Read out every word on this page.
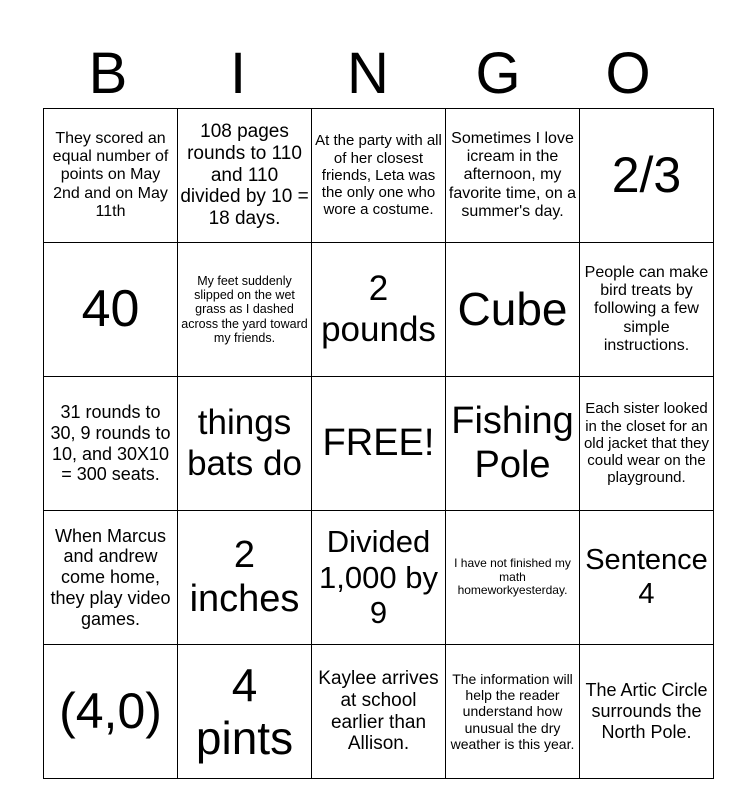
B	I	N	G	O
They scored an equal number of points on May 2nd and on May 11th	108 pages rounds to 110 and 110 divided by 10 = 18 days.	At the party with all of her closest friends, Leta was the only one who wore a costume.	Sometimes I love icream in the afternoon, my favorite time, on a summer's day.	2/3
40	My feet suddenly slipped on the wet grass as I dashed across the yard toward my friends.	2 pounds	Cube	People can make bird treats by following a few simple instructions.
31 rounds to 30, 9 rounds to 10, and 30X10 = 300 seats.	things bats do	FREE!	Fishing Pole	Each sister looked in the closet for an old jacket that they could wear on the playground.
When Marcus and andrew come home, they play video games.	2 inches	Divided 1,000 by 9	I have not finished my math homeworkyesterday.	Sentence 4
(4,0)	4 pints	Kaylee arrives at school earlier than Allison.	The information will help the reader understand how unusual the dry weather is this year.	The Artic Circle surrounds the North Pole.
